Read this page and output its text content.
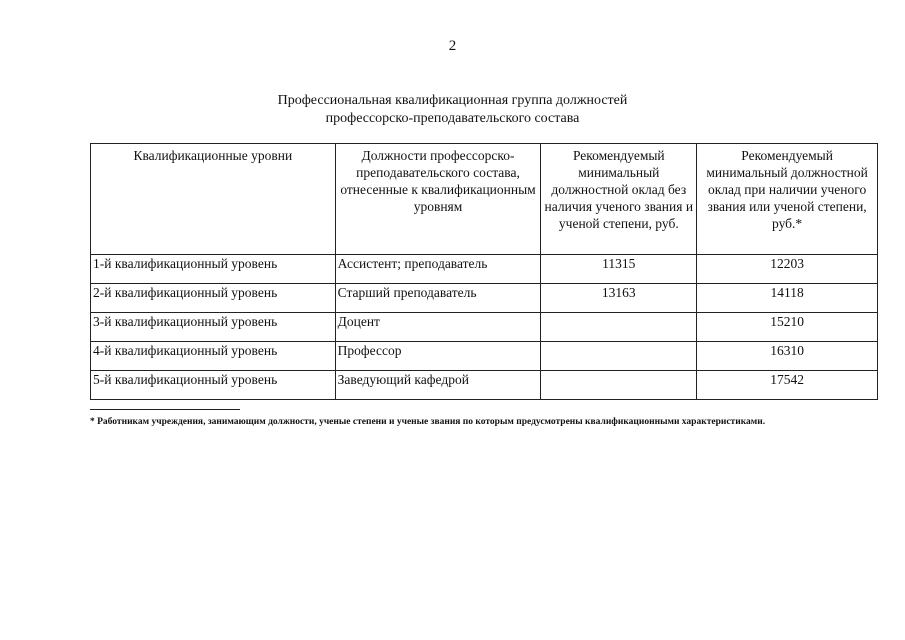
2
Профессиональная квалификационная группа должностей
профессорско-преподавательского состава
Квалификационные уровни	Должности профессорско-преподавательского состава, отнесенные к квалификационным уровням	Рекомендуемый минимальный должностной оклад без наличия ученого звания и ученой степени, руб.	Рекомендуемый минимальный должностной оклад при наличии ученого звания или ученой степени, руб.*
1-й квалификационный уровень	Ассистент; преподаватель	11315	12203
2-й квалификационный уровень	Старший преподаватель	13163	14118
3-й квалификационный уровень	Доцент		15210
4-й квалификационный уровень	Профессор		16310
5-й квалификационный уровень	Заведующий кафедрой		17542
* Работникам учреждения, занимающим должности, ученые степени и ученые звания по которым предусмотрены квалификационными характеристиками.
